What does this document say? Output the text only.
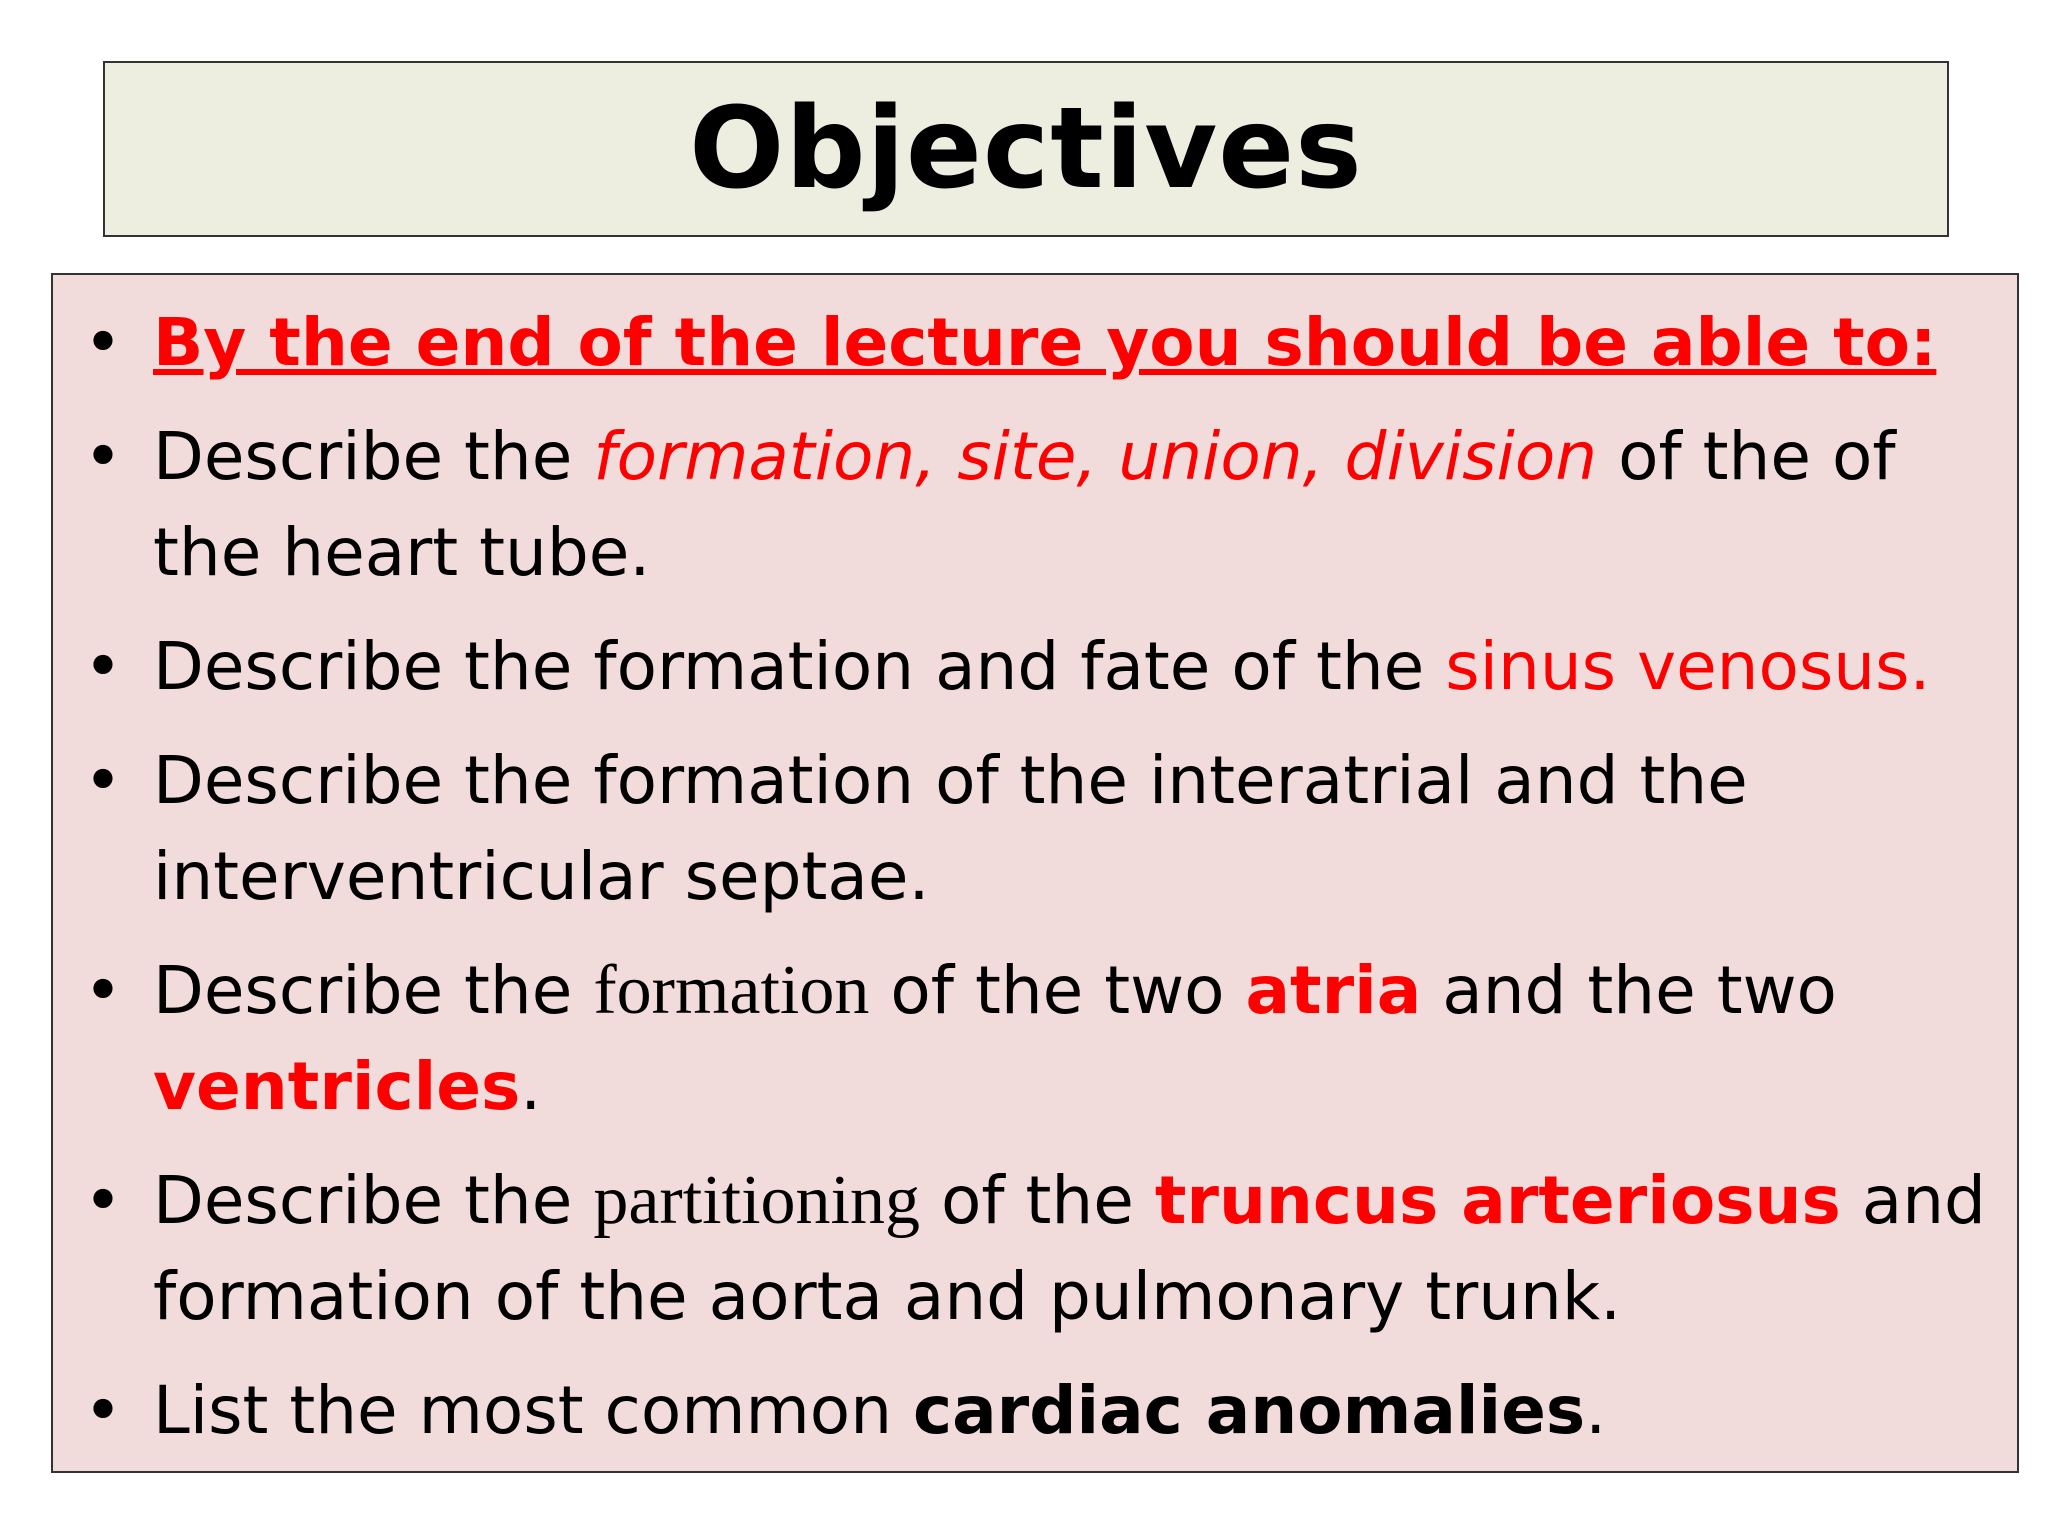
Objectives
• By the end of the lecture you should be able to:
• Describe the formation, site, union, division of the of the heart tube.
• Describe the formation and fate of the sinus venosus.
• Describe the formation of the interatrial and the interventricular septae.
• Describe the formation of the two atria and the two ventricles.
• Describe the partitioning of the truncus arteriosus and formation of the aorta and pulmonary trunk.
• List the most common cardiac anomalies.
